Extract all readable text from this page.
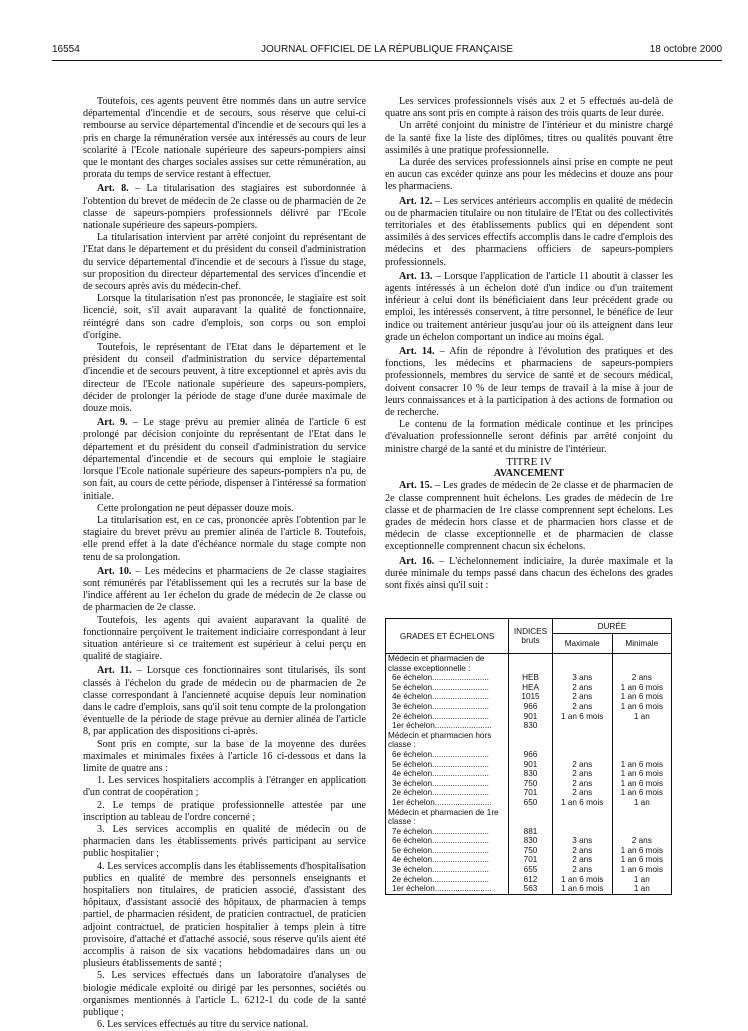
16554	JOURNAL OFFICIEL DE LA RÉPUBLIQUE FRANÇAISE	18 octobre 2000

Toutefois, ces agents peuvent être nommés dans un autre service départemental d'incendie et de secours, sous réserve que celui-ci rembourse au service départemental d'incendie et de secours qui les a pris en charge la rémunération versée aux intéressés au cours de leur scolarité à l'Ecole nationale supérieure des sapeurs-pompiers ainsi que le montant des charges sociales assises sur cette rémunération, au prorata du temps de service restant à effectuer.

Art. 8. – La titularisation des stagiaires est subordonnée à l'obtention du brevet de médecin de 2e classe ou de pharmacien de 2e classe de sapeurs-pompiers professionnels délivré par l'Ecole nationale supérieure des sapeurs-pompiers.

La titularisation intervient par arrêté conjoint du représentant de l'Etat dans le département et du président du conseil d'administration du service départemental d'incendie et de secours à l'issue du stage, sur proposition du directeur départemental des services d'incendie et de secours après avis du médecin-chef.

Lorsque la titularisation n'est pas prononcée, le stagiaire est soit licencié, soit, s'il avait auparavant la qualité de fonctionnaire, réintégré dans son cadre d'emplois, son corps ou son emploi d'origine.

Toutefois, le représentant de l'Etat dans le département et le président du conseil d'administration du service départemental d'incendie et de secours peuvent, à titre exceptionnel et après avis du directeur de l'Ecole nationale supérieure des sapeurs-pompiers, décider de prolonger la période de stage d'une durée maximale de douze mois.

Art. 9. – Le stage prévu au premier alinéa de l'article 6 est prolongé par décision conjointe du représentant de l'Etat dans le département et du président du conseil d'administration du service départemental d'incendie et de secours qui emploie le stagiaire lorsque l'Ecole nationale supérieure des sapeurs-pompiers n'a pu, de son fait, au cours de cette période, dispenser à l'intéressé sa formation initiale.

Cette prolongation ne peut dépasser douze mois.

La titularisation est, en ce cas, prononcée après l'obtention par le stagiaire du brevet prévu au premier alinéa de l'article 8. Toutefois, elle prend effet à la date d'échéance normale du stage compte non tenu de sa prolongation.

Art. 10. – Les médecins et pharmaciens de 2e classe stagiaires sont rémunérés par l'établissement qui les a recrutés sur la base de l'indice afférent au 1er échelon du grade de médecin de 2e classe ou de pharmacien de 2e classe.

Toutefois, les agents qui avaient auparavant la qualité de fonctionnaire perçoivent le traitement indiciaire correspondant à leur situation antérieure si ce traitement est supérieur à celui perçu en qualité de stagiaire.

Art. 11. – Lorsque ces fonctionnaires sont titularisés, ils sont classés à l'échelon du grade de médecin ou de pharmacien de 2e classe correspondant à l'ancienneté acquise depuis leur nomination dans le cadre d'emplois, sans qu'il soit tenu compte de la prolongation éventuelle de la période de stage prévue au dernier alinéa de l'article 8, par application des dispositions ci-après.

Sont pris en compte, sur la base de la moyenne des durées maximales et minimales fixées à l'article 16 ci-dessous et dans la limite de quatre ans :

1. Les services hospitaliers accomplis à l'étranger en application d'un contrat de coopération ;

2. Le temps de pratique professionnelle attestée par une inscription au tableau de l'ordre concerné ;

3. Les services accomplis en qualité de médecin ou de pharmacien dans les établissements privés participant au service public hospitalier ;

4. Les services accomplis dans les établissements d'hospitalisation publics en qualité de membre des personnels enseignants et hospitaliers non titulaires, de praticien associé, d'assistant des hôpitaux, d'assistant associé des hôpitaux, de pharmacien à temps partiel, de pharmacien résident, de praticien contractuel, de praticien adjoint contractuel, de praticien hospitalier à temps plein à titre provisoire, d'attaché et d'attaché associé, sous réserve qu'ils aient été accomplis à raison de six vacations hebdomadaires dans un ou plusieurs établissements de santé ;

5. Les services effectués dans un laboratoire d'analyses de biologie médicale exploité ou dirigé par les personnes, sociétés ou organismes mentionnés à l'article L. 6212-1 du code de la santé publique ;

6. Les services effectués au titre du service national.

Les services professionnels visés aux 2 et 5 effectués au-delà de quatre ans sont pris en compte à raison des trois quarts de leur durée.

Un arrêté conjoint du ministre de l'intérieur et du ministre chargé de la santé fixe la liste des diplômes, titres ou qualités pouvant être assimilés à une pratique professionnelle.

La durée des services professionnels ainsi prise en compte ne peut en aucun cas excéder quinze ans pour les médecins et douze ans pour les pharmaciens.

Art. 12. – Les services antérieurs accomplis en qualité de médecin ou de pharmacien titulaire ou non titulaire de l'Etat ou des collectivités territoriales et des établissements publics qui en dépendent sont assimilés à des services effectifs accomplis dans le cadre d'emplois des médecins et des pharmaciens officiers de sapeurs-pompiers professionnels.

Art. 13. – Lorsque l'application de l'article 11 aboutit à classer les agents intéressés à un échelon doté d'un indice ou d'un traitement inférieur à celui dont ils bénéficiaient dans leur précédent grade ou emploi, les intéressés conservent, à titre personnel, le bénéfice de leur indice ou traitement antérieur jusqu'au jour où ils atteignent dans leur grade un échelon comportant un indice au moins égal.

Art. 14. – Afin de répondre à l'évolution des pratiques et des fonctions, les médecins et pharmaciens de sapeurs-pompiers professionnels, membres du service de santé et de secours médical, doivent consacrer 10 % de leur temps de travail à la mise à jour de leurs connaissances et à la participation à des actions de formation ou de recherche.

Le contenu de la formation médicale continue et les principes d'évaluation professionnelle seront définis par arrêté conjoint du ministre chargé de la santé et du ministre de l'intérieur.

TITRE IV

AVANCEMENT

Art. 15. – Les grades de médecin de 2e classe et de pharmacien de 2e classe comprennent huit échelons. Les grades de médecin de 1re classe et de pharmacien de 1re classe comprennent sept échelons. Les grades de médecin hors classe et de pharmacien hors classe et de médecin de classe exceptionnelle et de pharmacien de classe exceptionnelle comprennent chacun six échelons.

Art. 16. – L'échelonnement indiciaire, la durée maximale et la durée minimale du temps passé dans chacun des échelons des grades sont fixés ainsi qu'il suit :

GRADES ET ÉCHELONS	INDICES bruts	DURÉE	
		Maximale	Minimale
Médecin et pharmacien de classe exceptionnelle :			
6e échelon.........................	HEB	3 ans	2 ans
5e échelon.........................	HEA	2 ans	1 an 6 mois
4e échelon.........................	1015	2 ans	1 an 6 mois
3e échelon.........................	966	2 ans	1 an 6 mois
2e échelon.........................	901	1 an 6 mois	1 an
1er échelon.........................	830		
Médecin et pharmacien hors classe :			
6e échelon.........................	966		
5e échelon.........................	901	2 ans	1 an 6 mois
4e échelon.........................	830	2 ans	1 an 6 mois
3e échelon.........................	750	2 ans	1 an 6 mois
2e échelon.........................	701	2 ans	1 an 6 mois
1er échelon.........................	650	1 an 6 mois	1 an
Médecin et pharmacien de 1re classe :			
7e échelon.........................	881		
6e échelon.........................	830	3 ans	2 ans
5e échelon.........................	750	2 ans	1 an 6 mois
4e échelon.........................	701	2 ans	1 an 6 mois
3e échelon.........................	655	2 ans	1 an 6 mois
2e échelon.........................	612	1 an 6 mois	1 an
1er échelon.........................	563	1 an 6 mois	1 an
